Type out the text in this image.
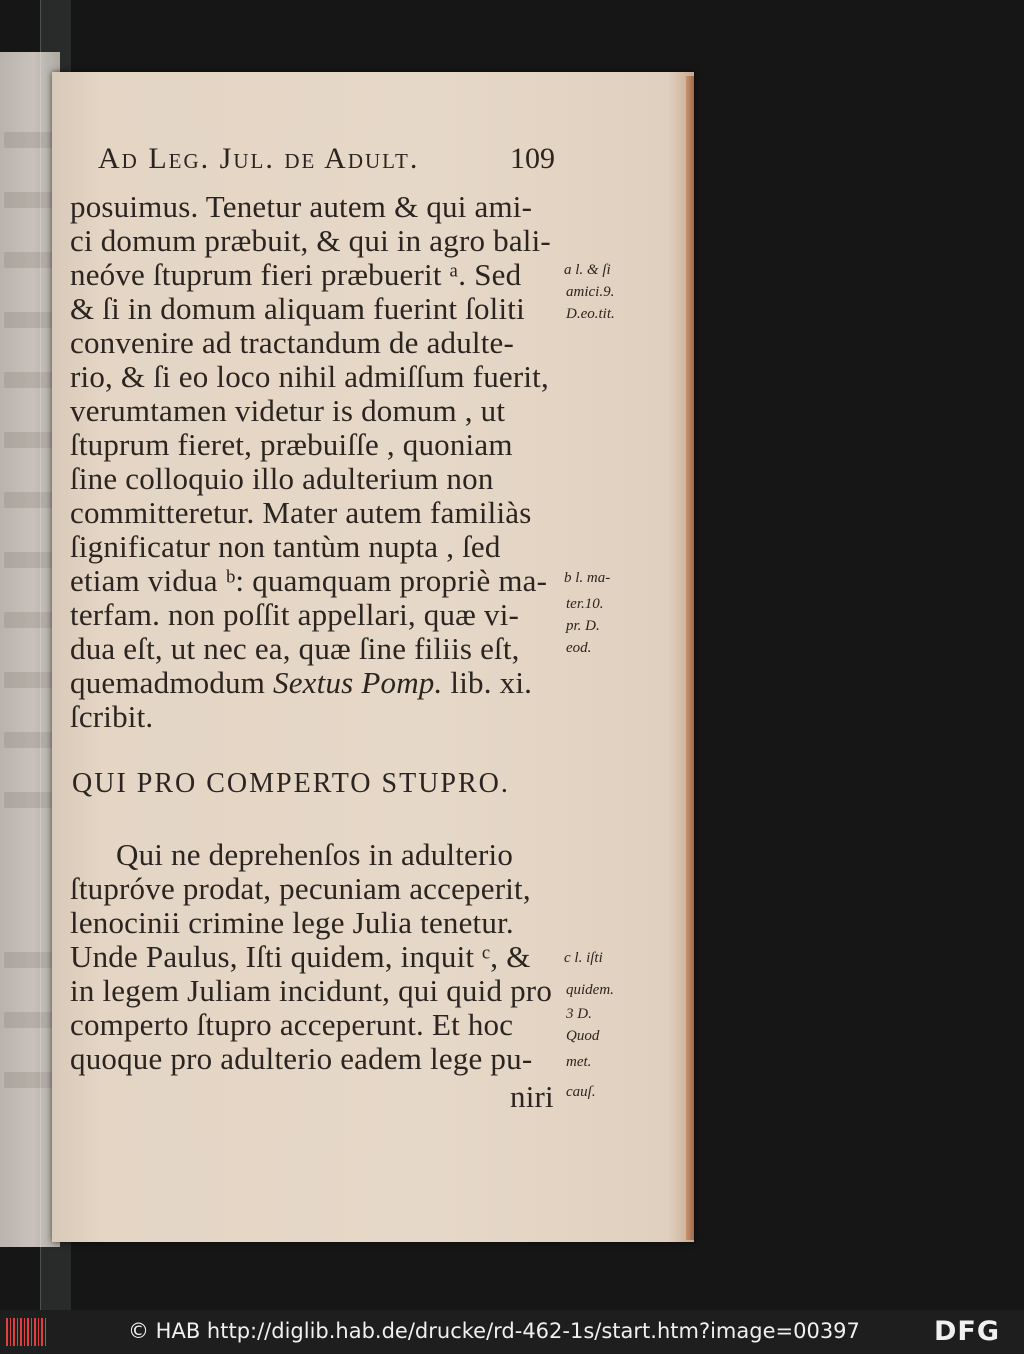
Ad Leg. Jul. de Adult.	109
posuimus. Tenetur autem & qui ami-
ci domum præbuit, & qui in agro bali-
neóve ſtuprum fieri præbuerit ᵃ. Sed
& ſi in domum aliquam fuerint ſoliti
convenire ad tractandum de adulte-
rio, & ſi eo loco nihil admiſſum fuerit,
verumtamen videtur is domum , ut
ſtuprum fieret, præbuiſſe , quoniam
ſine colloquio illo adulterium non
committeretur. Mater autem familiàs
ſignificatur non tantùm nupta , ſed
etiam vidua ᵇ: quamquam propriè ma-
terfam. non poſſit appellari, quæ vi-
dua eſt, ut nec ea, quæ ſine filiis eſt,
quemadmodum Sextus Pomp. lib. xi.
ſcribit.
QUI PRO COMPERTO STUPRO.
Qui ne deprehenſos in adulterio
ſtupróve prodat, pecuniam acceperit,
lenocinii crimine lege Julia tenetur.
Unde Paulus, Iſti quidem, inquit ᶜ, &
in legem Juliam incidunt, qui quid pro
comperto ſtupro acceperunt. Et hoc
quoque pro adulterio eadem lege pu-
niri
a l. & ſi
amici.9.
D.eo.tit.
b l. ma-
ter.10.
pr. D.
eod.
c l. iſti
quidem.
3 D.
Quod
met.
cauſ.
© HAB http://diglib.hab.de/drucke/rd-462-1s/start.htm?image=00397	DFG
